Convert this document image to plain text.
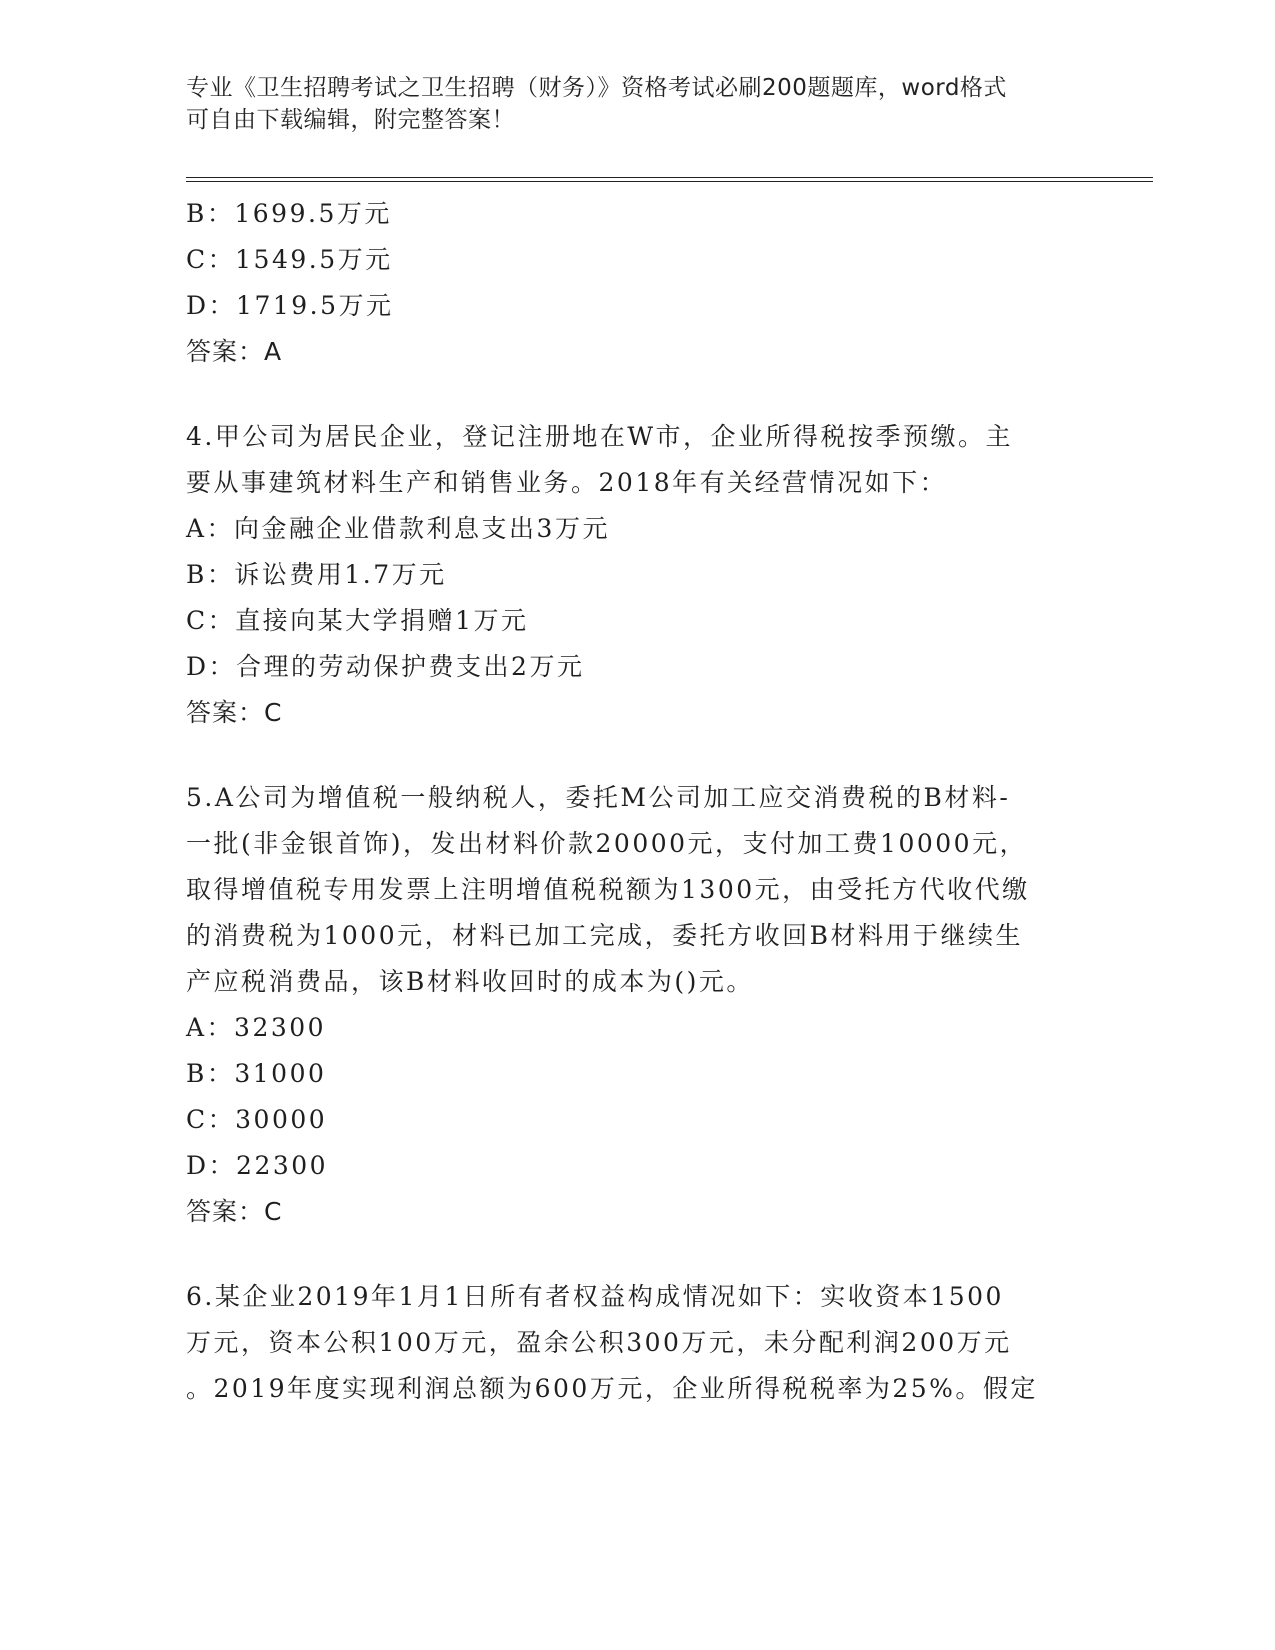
专业《卫生招聘考试之卫生招聘（财务）》资格考试必刷200题题库，word格式
可自由下载编辑，附完整答案！
B：1699.5万元
C：1549.5万元
D：1719.5万元
答案：A
4.甲公司为居民企业，登记注册地在W市，企业所得税按季预缴。主
要从事建筑材料生产和销售业务。2018年有关经营情况如下：
A：向金融企业借款利息支出3万元
B：诉讼费用1.7万元
C：直接向某大学捐赠1万元
D：合理的劳动保护费支出2万元
答案：C
5.A公司为增值税一般纳税人，委托M公司加工应交消费税的B材料-
一批(非金银首饰)，发出材料价款20000元，支付加工费10000元，
取得增值税专用发票上注明增值税税额为1300元，由受托方代收代缴
的消费税为1000元，材料已加工完成，委托方收回B材料用于继续生
产应税消费品，该B材料收回时的成本为()元。
A：32300
B：31000
C：30000
D：22300
答案：C
6.某企业2019年1月1日所有者权益构成情况如下：实收资本1500
万元，资本公积100万元，盈余公积300万元，未分配利润200万元
。2019年度实现利润总额为600万元，企业所得税税率为25%。假定
